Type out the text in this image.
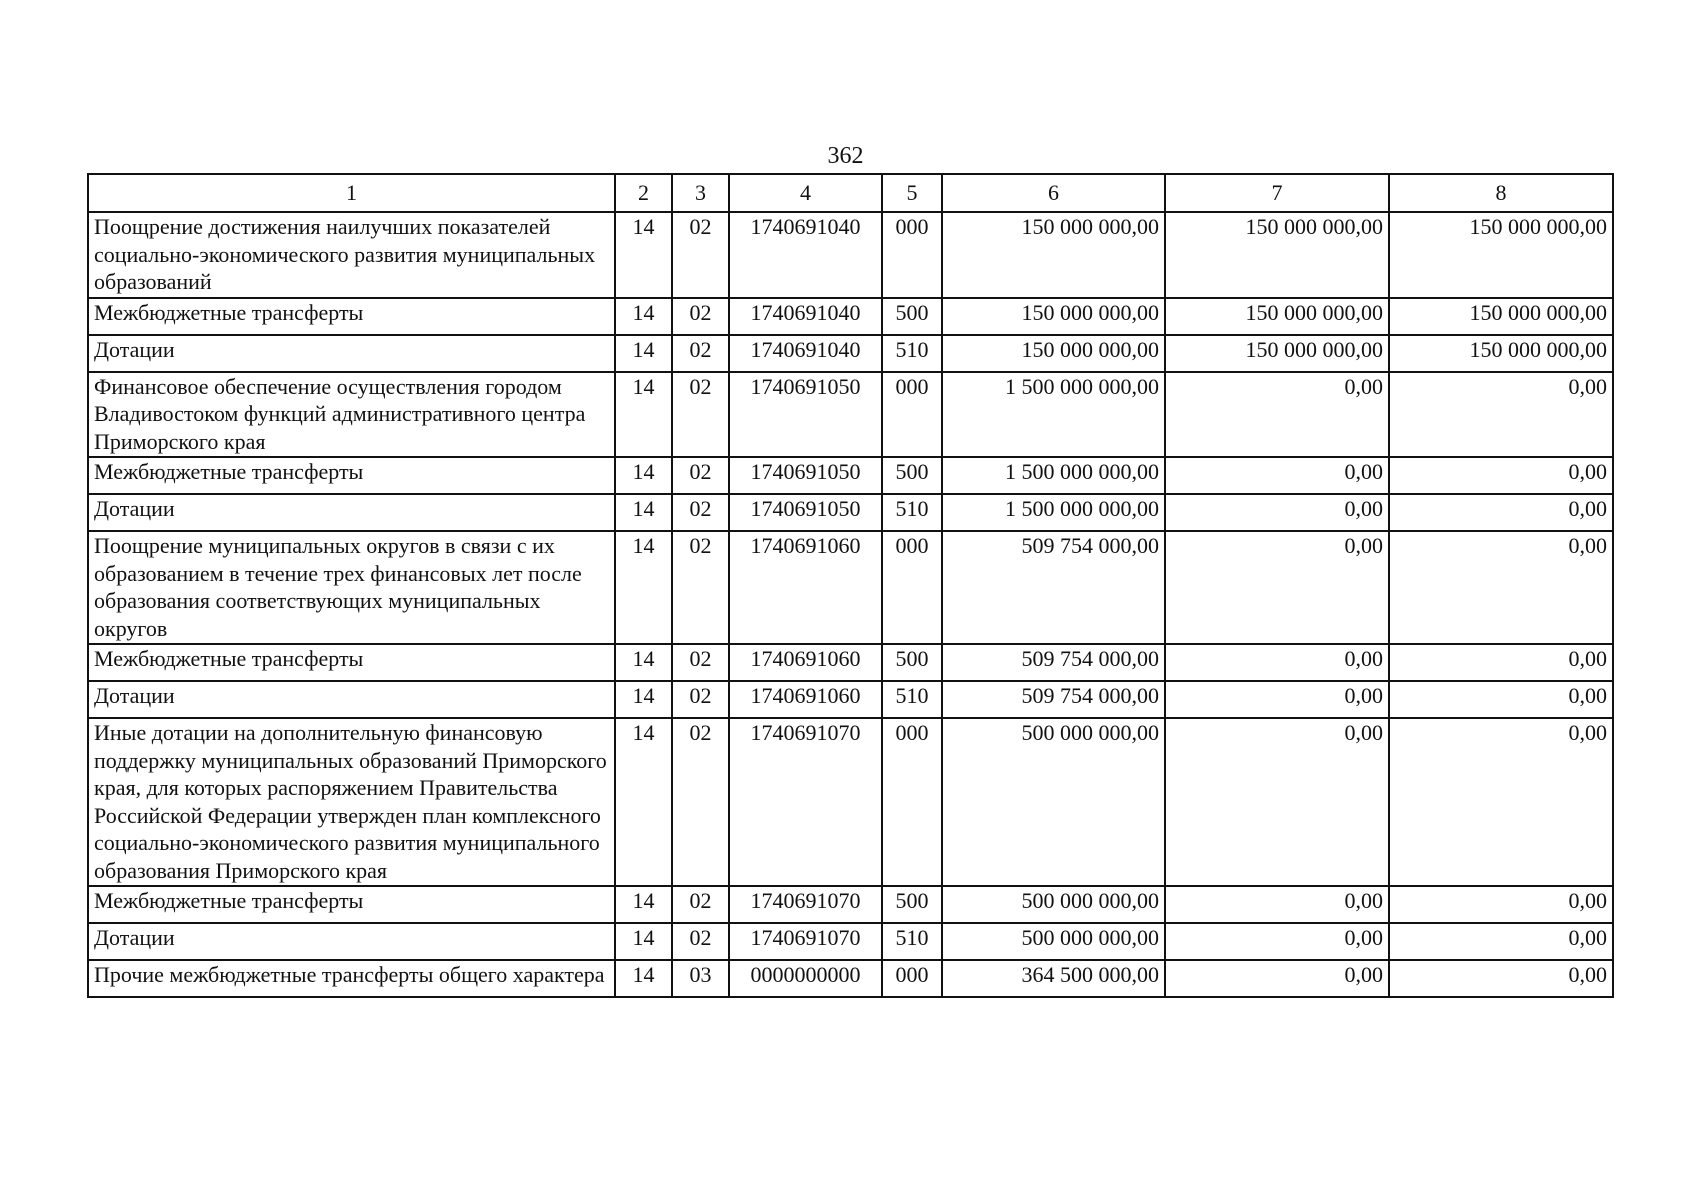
362
1	2	3	4	5	6	7	8
Поощрение достижения наилучших показателей социально-экономического развития муниципальных образований	14	02	1740691040	000	150 000 000,00	150 000 000,00	150 000 000,00
Межбюджетные трансферты	14	02	1740691040	500	150 000 000,00	150 000 000,00	150 000 000,00
Дотации	14	02	1740691040	510	150 000 000,00	150 000 000,00	150 000 000,00
Финансовое обеспечение осуществления городом Владивостоком функций административного центра Приморского края	14	02	1740691050	000	1 500 000 000,00	0,00	0,00
Межбюджетные трансферты	14	02	1740691050	500	1 500 000 000,00	0,00	0,00
Дотации	14	02	1740691050	510	1 500 000 000,00	0,00	0,00
Поощрение муниципальных округов в связи с их образованием в течение трех финансовых лет после образования соответствующих муниципальных округов	14	02	1740691060	000	509 754 000,00	0,00	0,00
Межбюджетные трансферты	14	02	1740691060	500	509 754 000,00	0,00	0,00
Дотации	14	02	1740691060	510	509 754 000,00	0,00	0,00
Иные дотации на дополнительную финансовую поддержку муниципальных образований Приморского края, для которых распоряжением Правительства Российской Федерации утвержден план комплексного социально-экономического развития муниципального образования Приморского края	14	02	1740691070	000	500 000 000,00	0,00	0,00
Межбюджетные трансферты	14	02	1740691070	500	500 000 000,00	0,00	0,00
Дотации	14	02	1740691070	510	500 000 000,00	0,00	0,00
Прочие межбюджетные трансферты общего характера	14	03	0000000000	000	364 500 000,00	0,00	0,00
